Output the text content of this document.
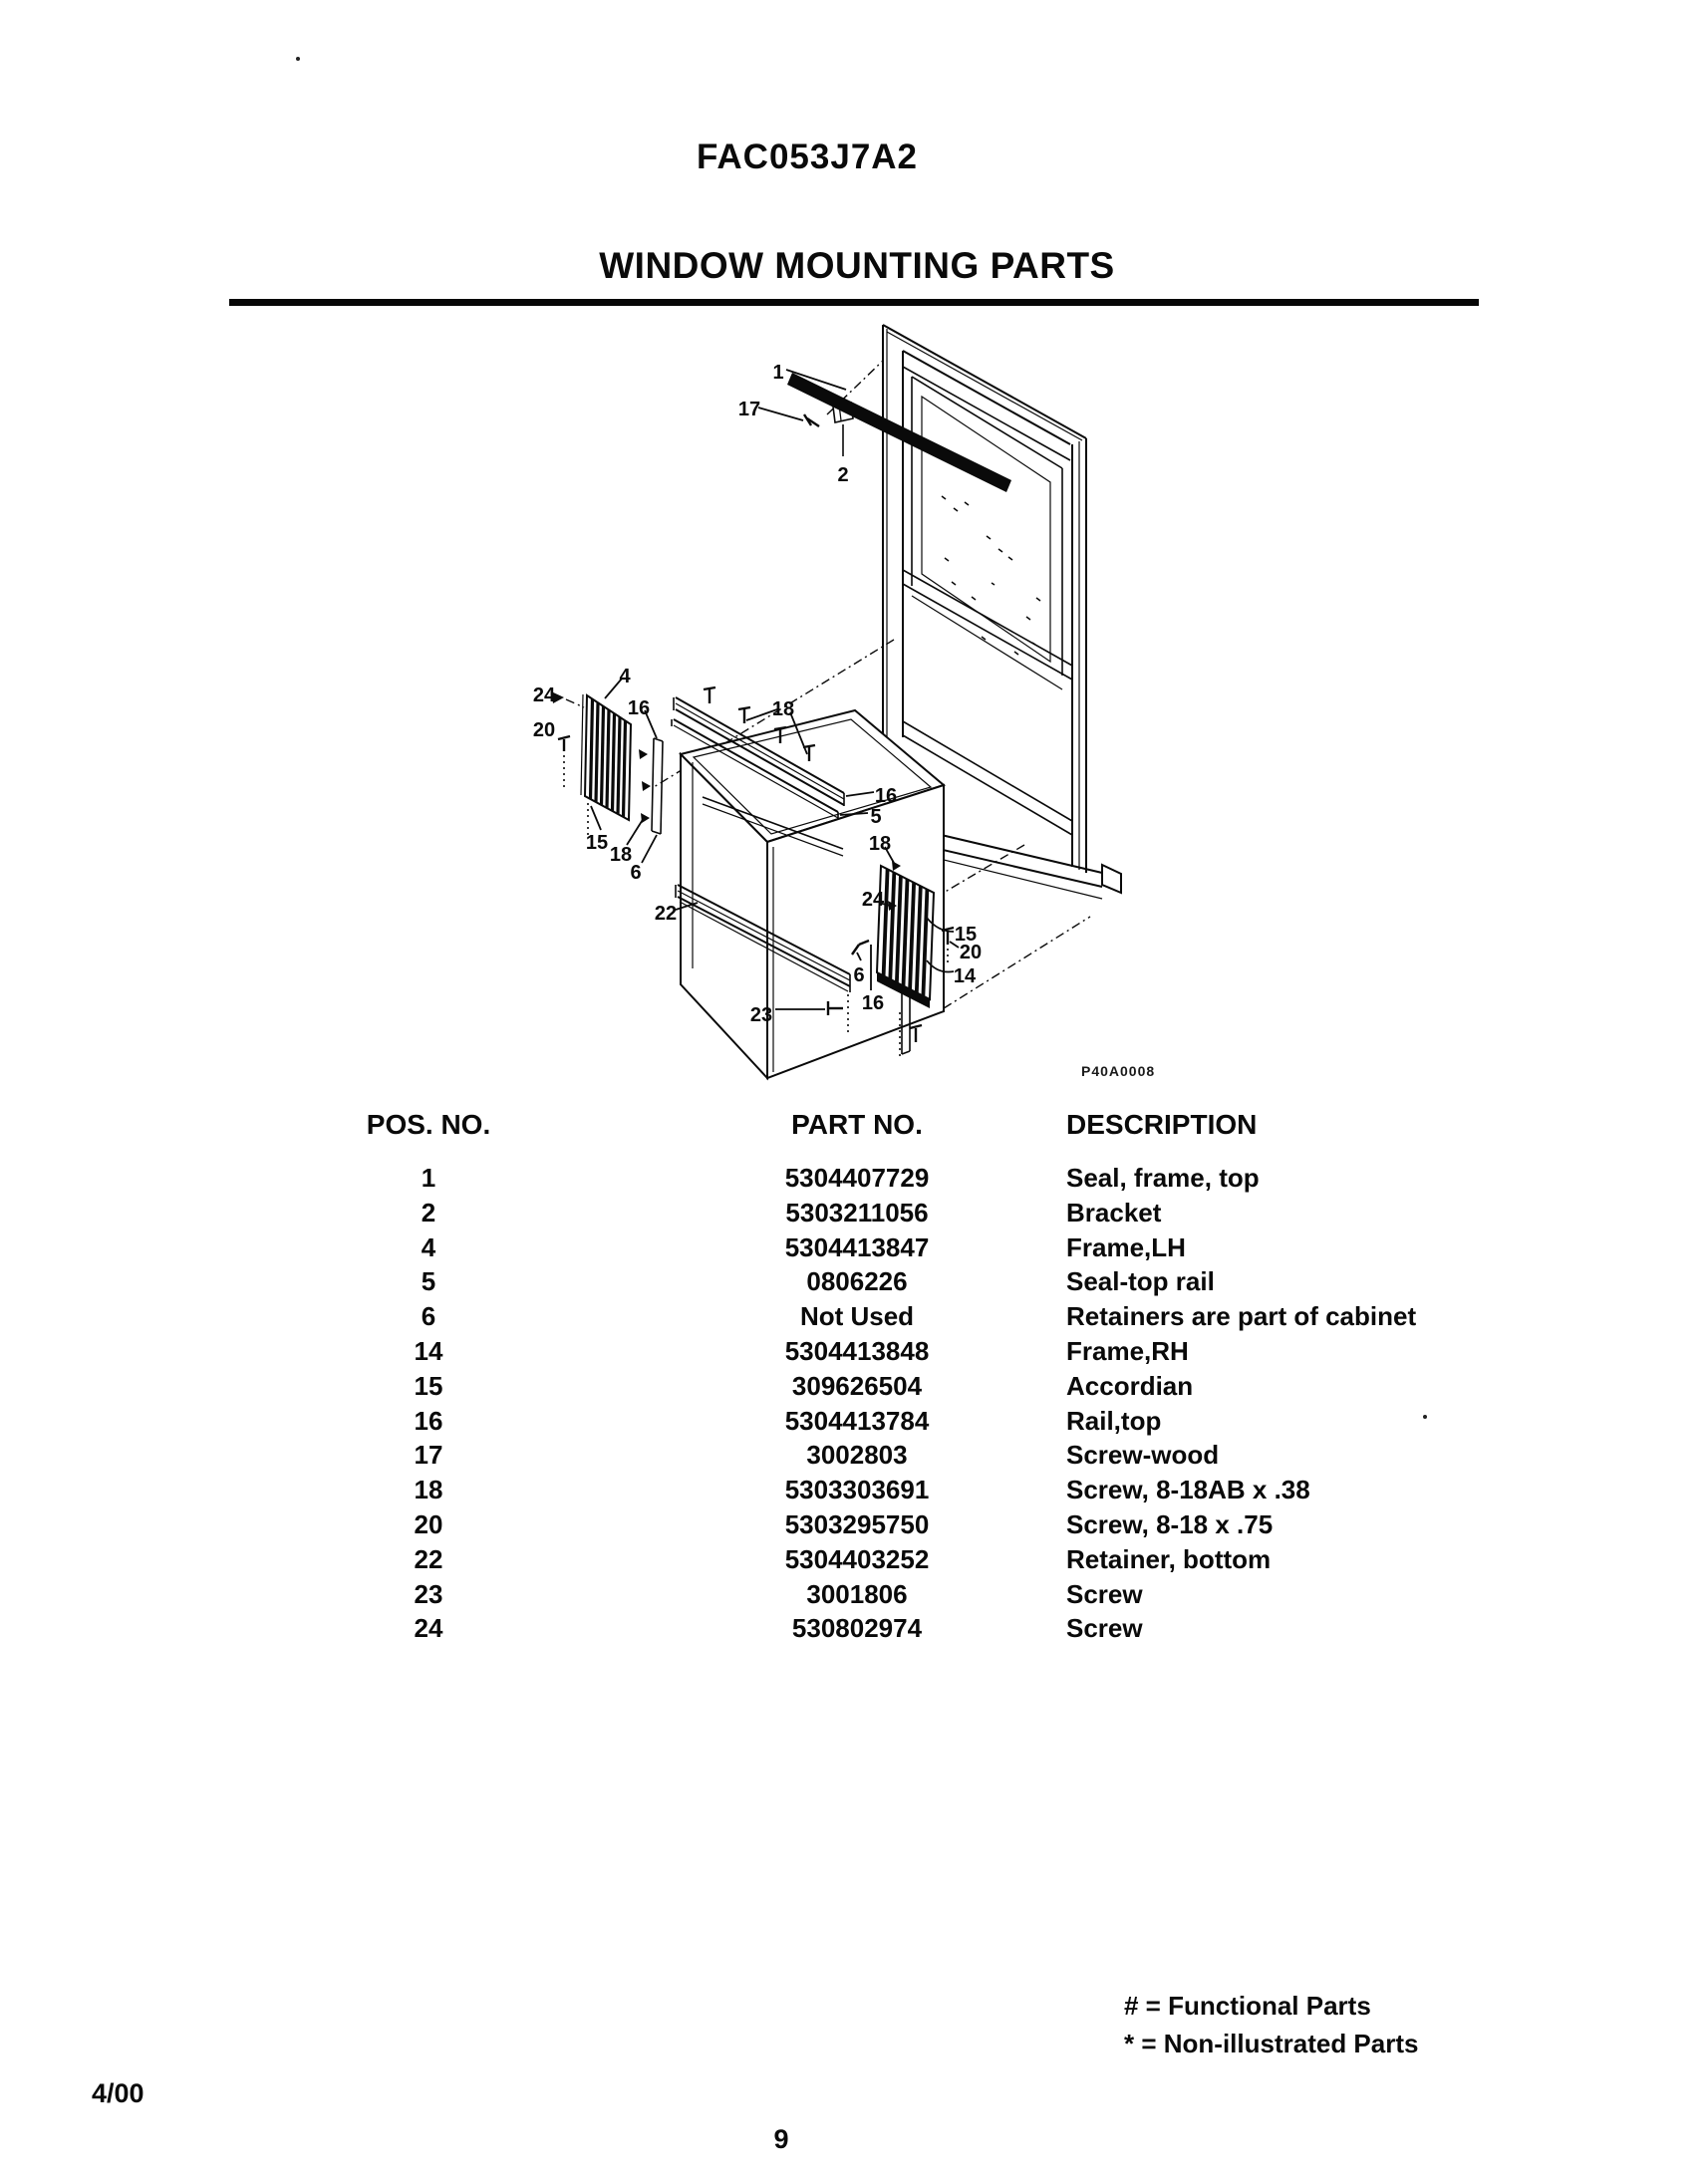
FAC053J7A2
WINDOW MOUNTING PARTS
1
17
2
4
24
20
16
15
18
6
18
16
5
18
24
22
15
20
14
6
16
23
P40A0008
POS. NO.	PART NO.	DESCRIPTION
1	5304407729	Seal, frame, top
2	5303211056	Bracket
4	5304413847	Frame,LH
5	0806226	Seal-top rail
6	Not Used	Retainers are part of cabinet
14	5304413848	Frame,RH
15	309626504	Accordian
16	5304413784	Rail,top
17	3002803	Screw-wood
18	5303303691	Screw, 8-18AB x .38
20	5303295750	Screw, 8-18 x .75
22	5304403252	Retainer, bottom
23	3001806	Screw
24	530802974	Screw
# = Functional Parts
* = Non-illustrated Parts
4/00
9
